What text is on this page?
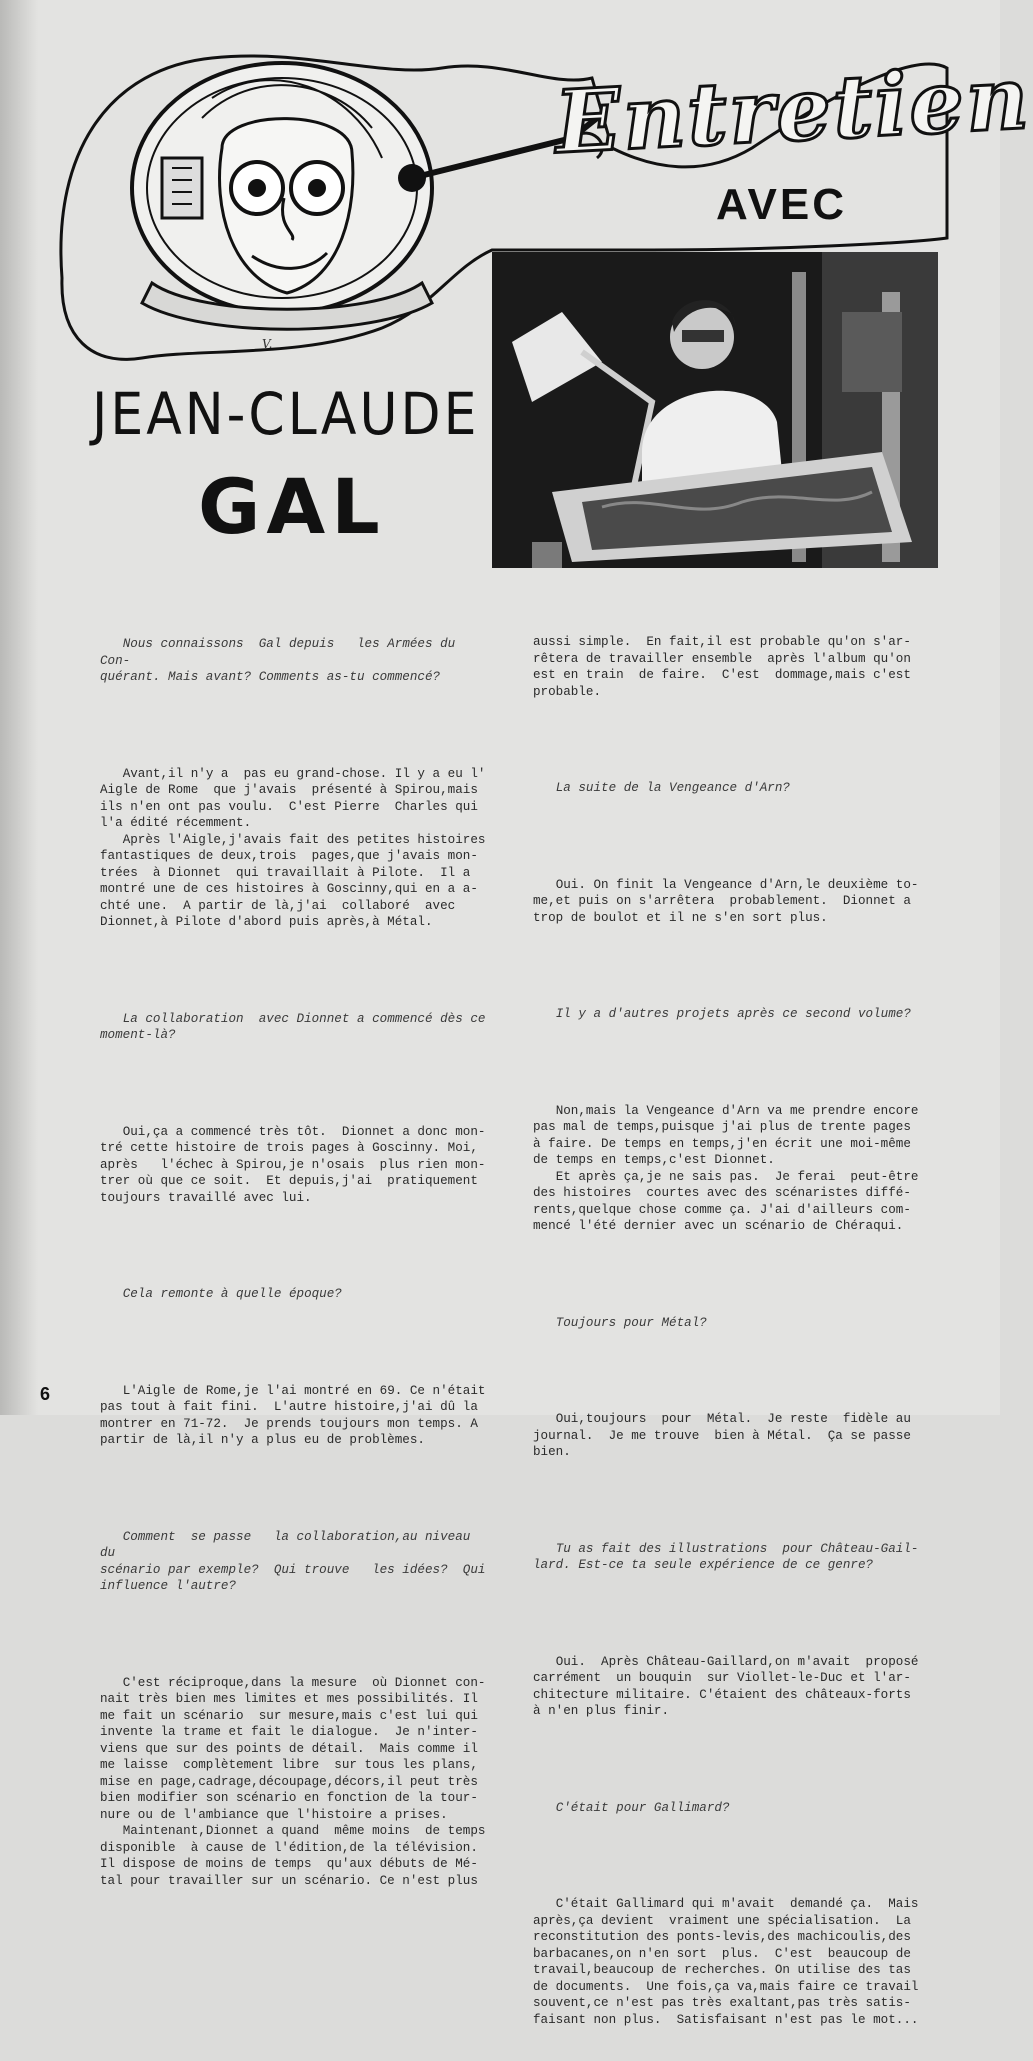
V.
Entretien
AVEC
JEAN-CLAUDE
GAL

Nous connaissons  Gal depuis   les Armées du Con-
quérant. Mais avant? Comments as-tu commencé?

Avant,il n'y a  pas eu grand-chose. Il y a eu l'
Aigle de Rome  que j'avais  présenté à Spirou,mais
ils n'en ont pas voulu.  C'est Pierre  Charles qui
l'a édité récemment.
Après l'Aigle,j'avais fait des petites histoires
fantastiques de deux,trois  pages,que j'avais mon-
trées  à Dionnet  qui travaillait à Pilote.  Il a
montré une de ces histoires à Goscinny,qui en a a-
chté une.  A partir de là,j'ai  collaboré  avec
Dionnet,à Pilote d'abord puis après,à Métal.

La collaboration  avec Dionnet a commencé dès ce
moment-là?

Oui,ça a commencé très tôt.  Dionnet a donc mon-
tré cette histoire de trois pages à Goscinny. Moi,
après   l'échec à Spirou,je n'osais  plus rien mon-
trer où que ce soit.  Et depuis,j'ai  pratiquement
toujours travaillé avec lui.

Cela remonte à quelle époque?

L'Aigle de Rome,je l'ai montré en 69. Ce n'était
pas tout à fait fini.  L'autre histoire,j'ai dû la
montrer en 71-72.  Je prends toujours mon temps. A
partir de là,il n'y a plus eu de problèmes.

Comment  se passe   la collaboration,au niveau du
scénario par exemple?  Qui trouve   les idées?  Qui
influence l'autre?

C'est réciproque,dans la mesure  où Dionnet con-
nait très bien mes limites et mes possibilités. Il
me fait un scénario  sur mesure,mais c'est lui qui
invente la trame et fait le dialogue.  Je n'inter-
viens que sur des points de détail.  Mais comme il
me laisse  complètement libre  sur tous les plans,
mise en page,cadrage,découpage,décors,il peut très
bien modifier son scénario en fonction de la tour-
nure ou de l'ambiance que l'histoire a prises.
Maintenant,Dionnet a quand  même moins  de temps
disponible  à cause de l'édition,de la télévision.
Il dispose de moins de temps  qu'aux débuts de Mé-
tal pour travailler sur un scénario. Ce n'est plus

aussi simple.  En fait,il est probable qu'on s'ar-
rêtera de travailler ensemble  après l'album qu'on
est en train  de faire.  C'est  dommage,mais c'est
probable.

La suite de la Vengeance d'Arn?

Oui. On finit la Vengeance d'Arn,le deuxième to-
me,et puis on s'arrêtera  probablement.  Dionnet a
trop de boulot et il ne s'en sort plus.

Il y a d'autres projets après ce second volume?

Non,mais la Vengeance d'Arn va me prendre encore
pas mal de temps,puisque j'ai plus de trente pages
à faire. De temps en temps,j'en écrit une moi-même
de temps en temps,c'est Dionnet.
Et après ça,je ne sais pas.  Je ferai  peut-être
des histoires  courtes avec des scénaristes diffé-
rents,quelque chose comme ça. J'ai d'ailleurs com-
mencé l'été dernier avec un scénario de Chéraqui.

Toujours pour Métal?

Oui,toujours  pour  Métal.  Je reste  fidèle au
journal.  Je me trouve  bien à Métal.  Ça se passe
bien.

Tu as fait des illustrations  pour Château-Gail-
lard. Est-ce ta seule expérience de ce genre?

Oui.  Après Château-Gaillard,on m'avait  proposé
carrément  un bouquin  sur Viollet-le-Duc et l'ar-
chitecture militaire. C'étaient des châteaux-forts
à n'en plus finir.

C'était pour Gallimard?

C'était Gallimard qui m'avait  demandé ça.  Mais
après,ça devient  vraiment une spécialisation.  La
reconstitution des ponts-levis,des machicoulis,des
barbacanes,on n'en sort  plus.  C'est  beaucoup de
travail,beaucoup de recherches. On utilise des tas
de documents.  Une fois,ça va,mais faire ce travail
souvent,ce n'est pas très exaltant,pas très satis-
faisant non plus.  Satisfaisant n'est pas le mot...

6
